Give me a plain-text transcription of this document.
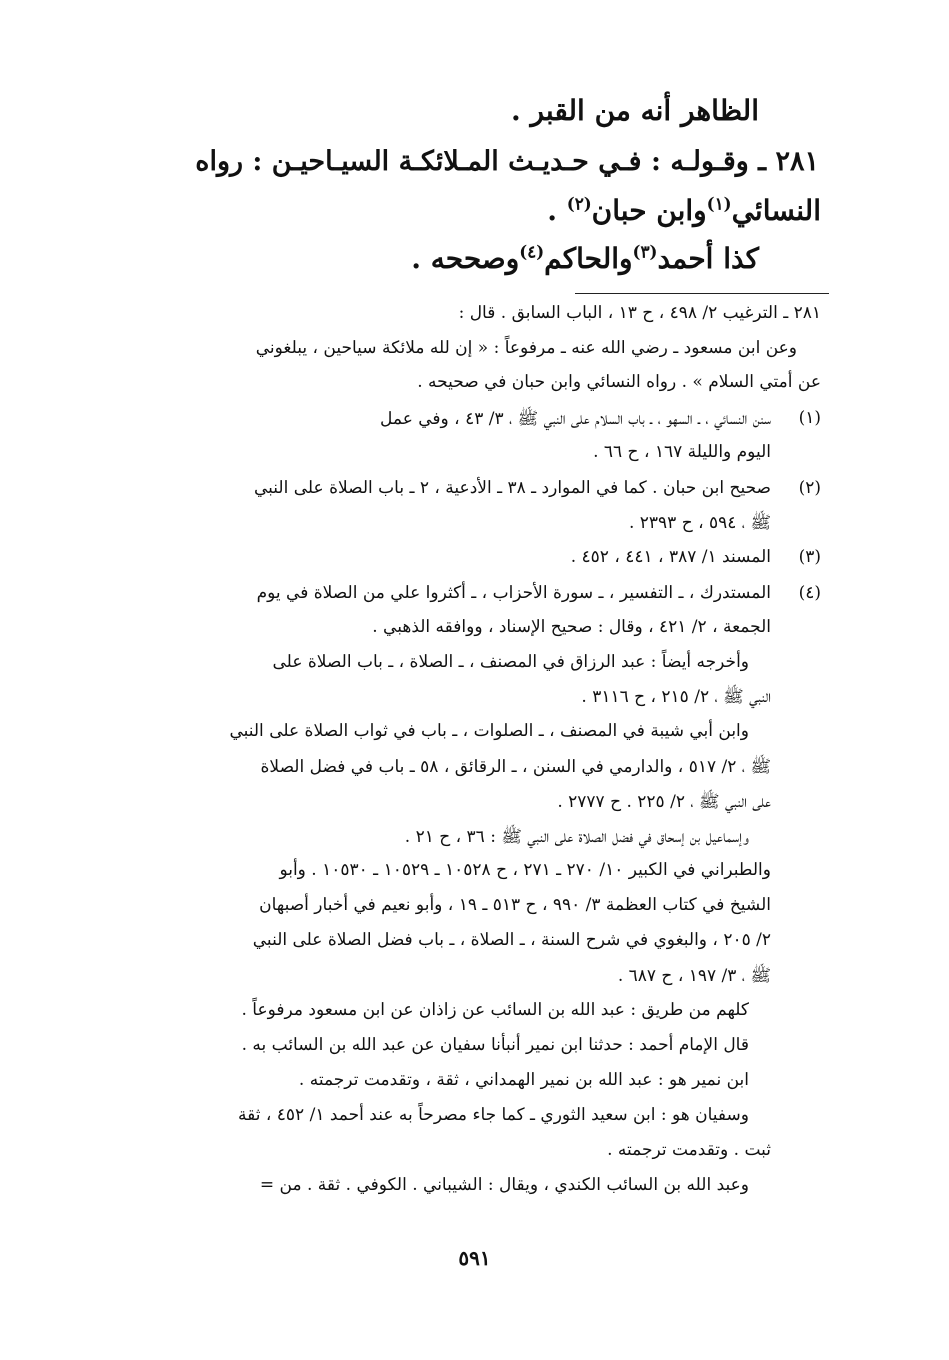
الظاهر أنه من القبر .
٢٨١ ـ وقـولـه : فـي حـديـث المـلائكـة السيـاحيـن : رواه
النسائي$^{(١)}$وابن حبان$^{(٢)}$ .
كذا أحمد$^{(٣)}$والحاكم$^{(٤)}$وصححه .
٢٨١ ـ الترغيب ٢/ ٤٩٨ ، ح ١٣ ، الباب السابق . قال :
وعن ابن مسعود ـ رضي الله عنه ـ مرفوعاً : « إن لله ملائكة سياحين ، يبلغوني
عن أمتي السلام » . رواه النسائي وابن حبان في صحيحه .
(١)
سنن النسائي ، ـ السهو ، ـ باب السلام على النبي ﷺ ، ٣/ ٤٣ ، وفي عمل
اليوم والليلة ١٦٧ ، ح ٦٦ .
(٢)
صحيح ابن حبان . كما في الموارد ـ ٣٨ ـ الأدعية ، ٢ ـ باب الصلاة على النبي
ﷺ ، ٥٩٤ ، ح ٢٣٩٣ .
(٣)
المسند ١/ ٣٨٧ ، ٤٤١ ، ٤٥٢ .
(٤)
المستدرك ، ـ التفسير ، ـ سورة الأحزاب ، ـ أكثروا علي من الصلاة في يوم
الجمعة ، ٢/ ٤٢١ ، وقال : صحيح الإسناد ، ووافقه الذهبي .
وأخرجه أيضاً : عبد الرزاق في المصنف ، ـ الصلاة ، ـ باب الصلاة على
النبي ﷺ ، ٢/ ٢١٥ ، ح ٣١١٦ .
وابن أبي شيبة في المصنف ، ـ الصلوات ، ـ باب في ثواب الصلاة على النبي
ﷺ ، ٢/ ٥١٧ ، والدارمي في السنن ، ـ الرقائق ، ٥٨ ـ باب في فضل الصلاة
على النبي ﷺ ، ٢/ ٢٢٥ . ح ٢٧٧٧ .
وإسماعيل بن إسحاق في فضل الصلاة على النبي ﷺ : ٣٦ ، ح ٢١ .
والطبراني في الكبير ١٠/ ٢٧٠ ـ ٢٧١ ، ح ١٠٥٢٨ ـ ١٠٥٢٩ ـ ١٠٥٣٠ . وأبو
الشيخ في كتاب العظمة ٣/ ٩٩٠ ، ح ٥١٣ ـ ١٩ ، وأبو نعيم في أخبار أصبهان
٢/ ٢٠٥ ، والبغوي في شرح السنة ، ـ الصلاة ، ـ باب فضل الصلاة على النبي
ﷺ ، ٣/ ١٩٧ ، ح ٦٨٧ .
كلهم من طريق : عبد الله بن السائب عن زاذان عن ابن مسعود مرفوعاً .
قال الإمام أحمد : حدثنا ابن نمير أنبأنا سفيان عن عبد الله بن السائب به .
ابن نمير هو : عبد الله بن نمير الهمداني ، ثقة ، وتقدمت ترجمته .
وسفيان هو : ابن سعيد الثوري ـ كما جاء مصرحاً به عند أحمد ١/ ٤٥٢ ، ثقة
ثبت . وتقدمت ترجمته .
وعبد الله بن السائب الكندي ، ويقال : الشيباني . الكوفي . ثقة . من =
٥٩١
